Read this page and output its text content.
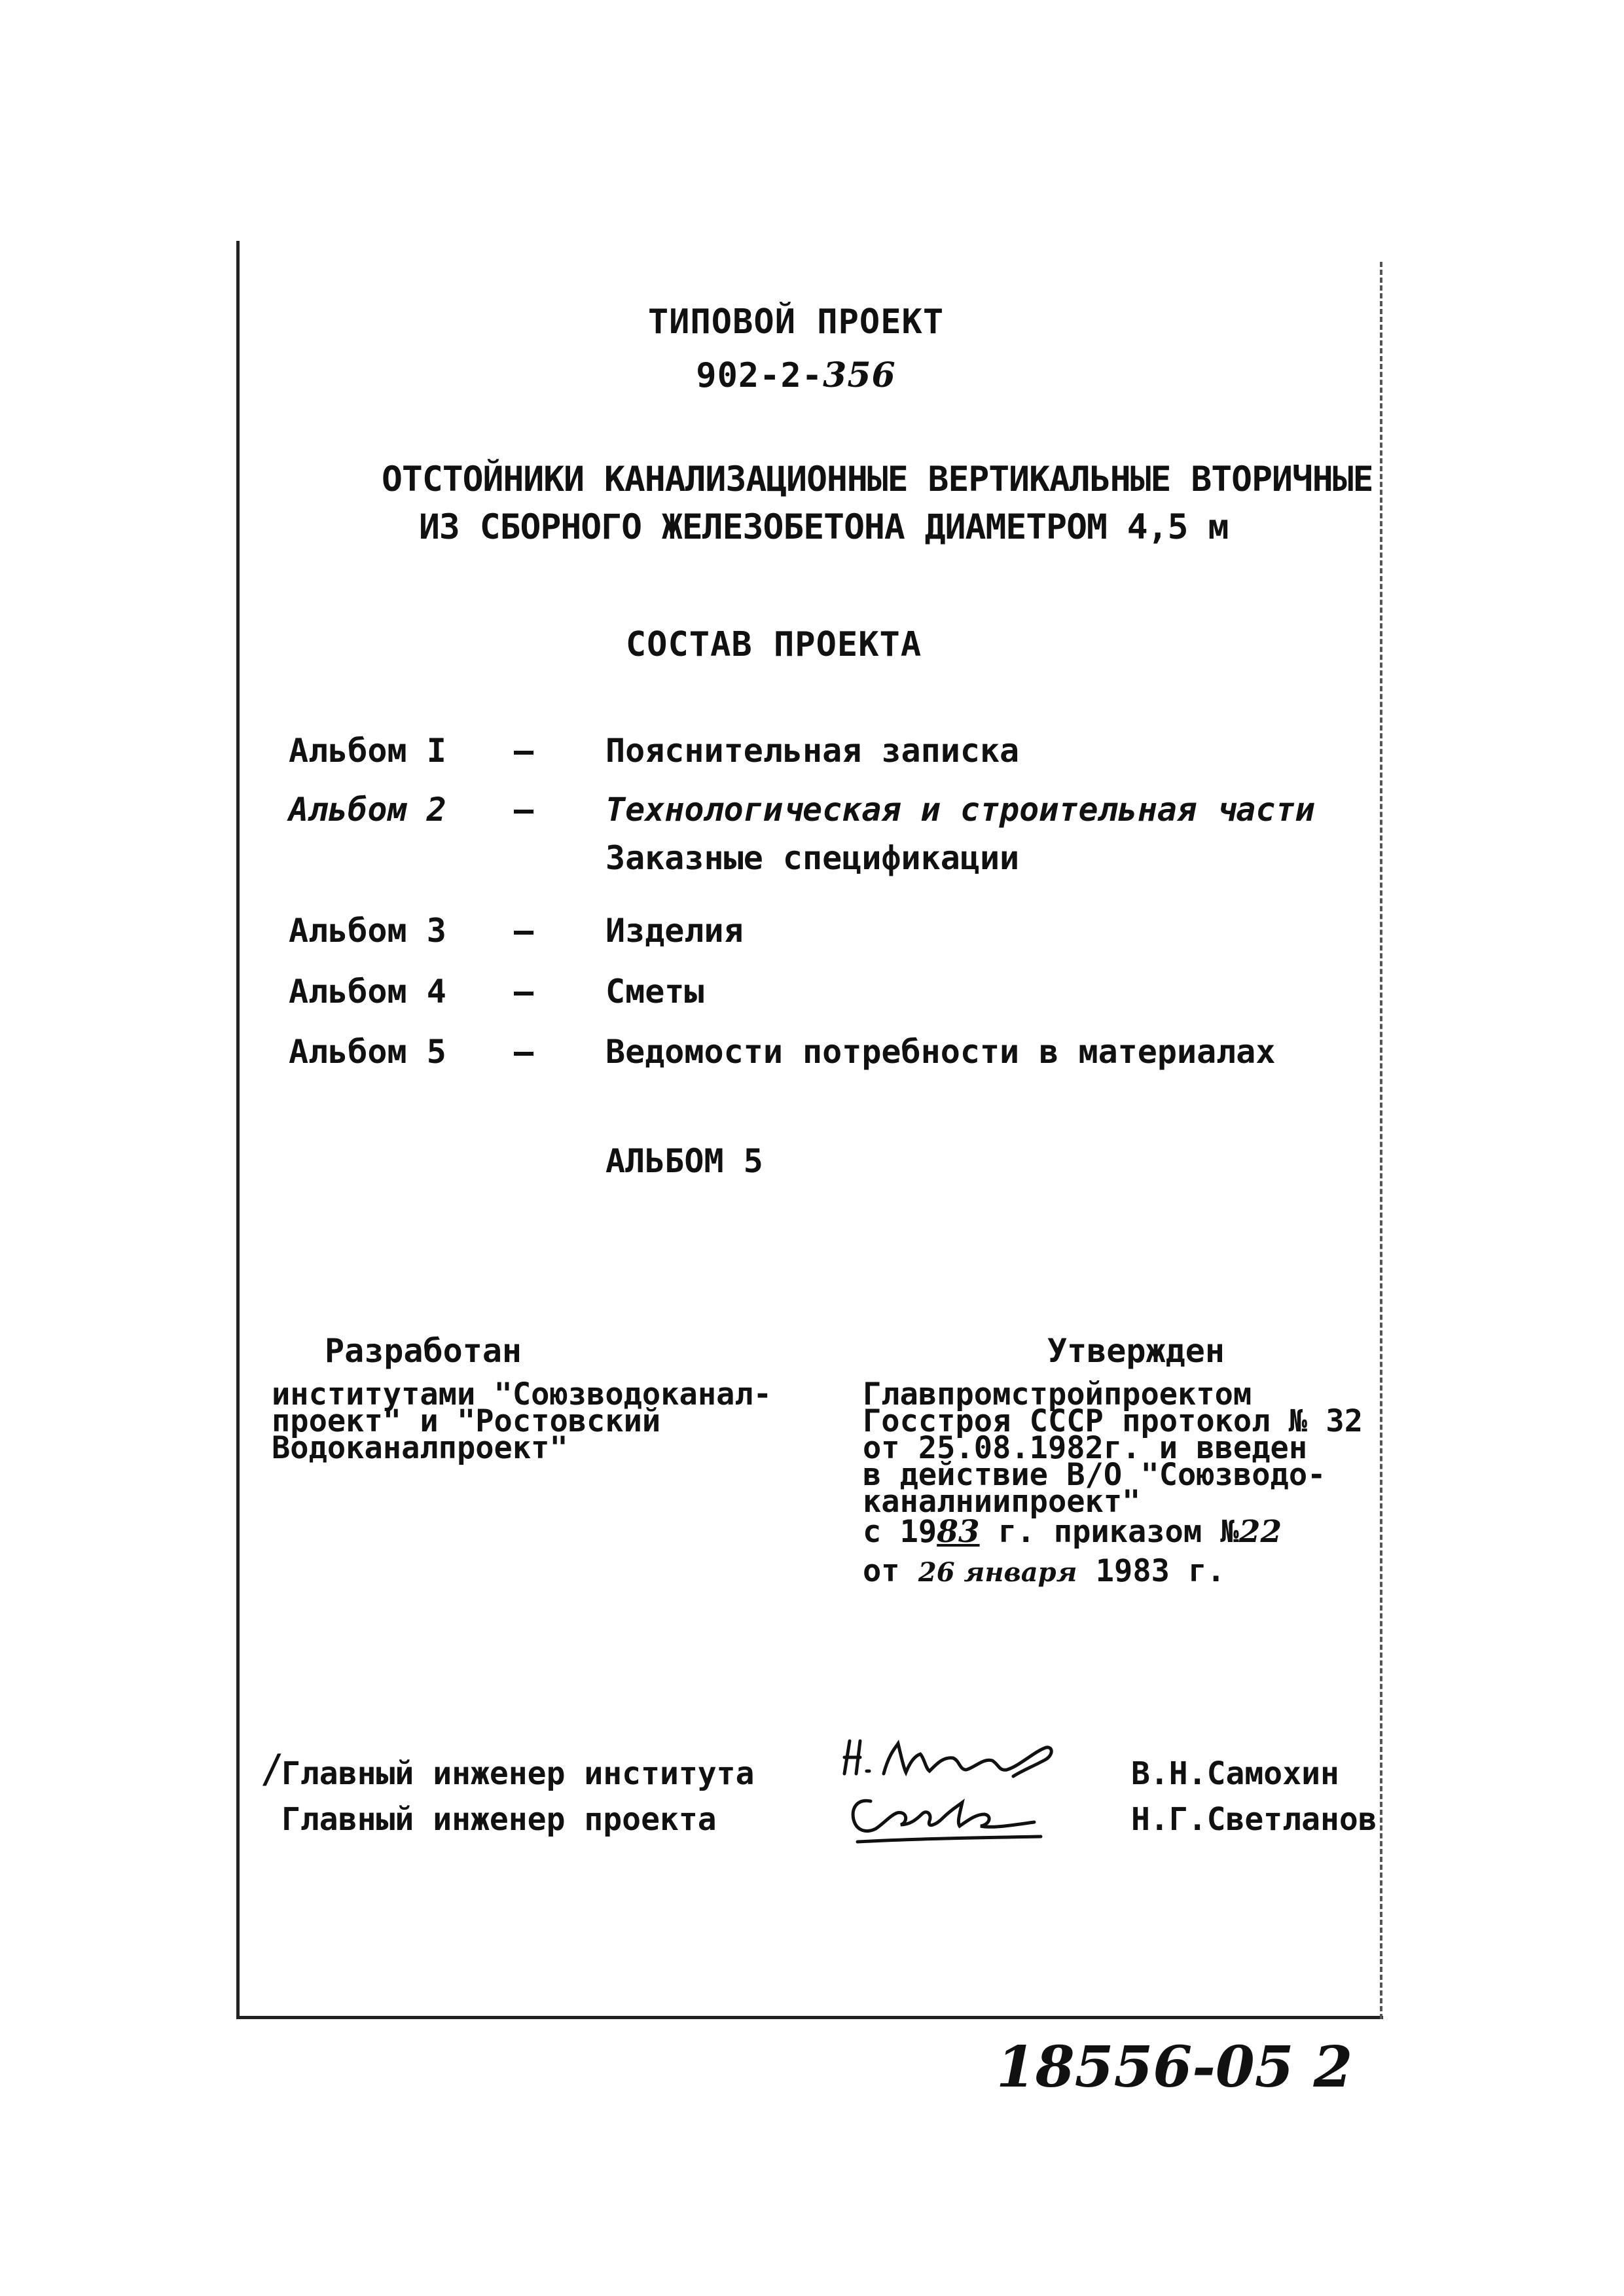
ТИПОВОЙ ПРОЕКТ
902-2-356
ОТСТОЙНИКИ КАНАЛИЗАЦИОННЫЕ ВЕРТИКАЛЬНЫЕ ВТОРИЧНЫЕ
ИЗ СБОРНОГО ЖЕЛЕЗОБЕТОНА ДИАМЕТРОМ 4,5 м
СОСТАВ ПРОЕКТА
Альбом I – Пояснительная записка
Альбом 2 – Технологическая и строительная части
Заказные спецификации
Альбом 3 – Изделия
Альбом 4 – Сметы
Альбом 5 – Ведомости потребности в материалах
АЛЬБОМ 5
Разработан
институтами "Союзводоканал-
проект" и "Ростовский
Водоканалпроект"
Утвержден
Главпромстройпроектом
Госстроя СССР протокол № 32
от 25.08.1982г. и введен
в действие В/О "Союзводо-
каналниипроект"
с 1983 г. приказом №22
от 26 января 1983 г.
/
Главный инженер института
Главный инженер проекта
В.Н.Самохин
Н.Г.Светланов
18556-05 2
